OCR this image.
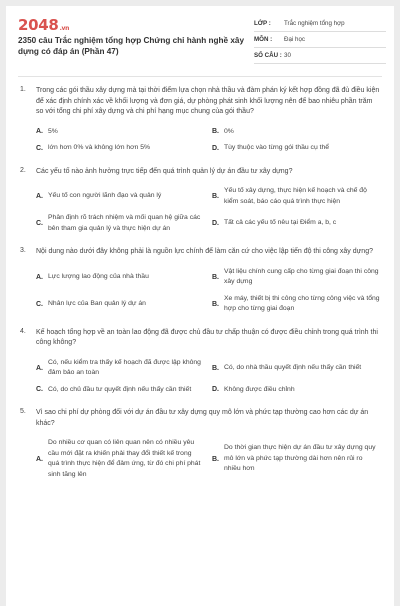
2048.vn
2350 câu Trắc nghiệm tổng hợp Chứng chỉ hành nghề xây dựng có đáp án (Phần 47)
LỚP :	Trắc nghiệm tổng hợp
MÔN :	Đại học
SỐ CÂU : 30
1. Trong các gói thầu xây dựng mà tại thời điểm lựa chọn nhà thầu và đàm phán ký kết hợp đồng đã đủ điều kiện để xác định chính xác về khối lượng và đơn giá, dự phòng phát sinh khối lượng nên để bao nhiêu phần trăm so với tổng chi phí xây dựng và chi phí hạng mục chung của gói thầu?
A. 5%	B. 0%
C. lớn hơn 0% và không lớn hơn 5%	D. Tùy thuộc vào từng gói thầu cụ thể
2. Các yếu tố nào ảnh hưởng trực tiếp đến quá trình quản lý dự án đầu tư xây dựng?
A. Yếu tố con người lãnh đạo và quản lý	B.
Yếu tố xây dựng, thực hiện kế hoạch và chế độ kiểm soát, báo cáo quá trình thực hiện
C.
Phân định rõ trách nhiệm và mối quan hệ giữa các bên tham gia quản lý và thực hiện dự án
D. Tất cả các yếu tố nêu tại Điểm a, b, c
3. Nội dung nào dưới đây không phải là nguồn lực chính để làm căn cứ cho việc lập tiến độ thi công xây dựng?
A. Lực lượng lao động của nhà thầu	B.
Vật liệu chính cung cấp cho từng giai đoạn thi công xây dựng
C. Nhân lực của Ban quản lý dự án	B.
Xe máy, thiết bị thi công cho từng công việc và tổng hợp cho từng giai đoạn
4. Kế hoạch tổng hợp về an toàn lao động đã được chủ đầu tư chấp thuận có được điều chỉnh trong quá trình thi công không?
A.
Có, nếu kiểm tra thấy kế hoạch đã được lập không đảm bảo an toàn
B. Có, do nhà thầu quyết định nếu thấy cần thiết
C. Có, do chủ đầu tư quyết định nếu thấy cần thiết	D. Không được điều chỉnh
5. Vì sao chi phí dự phòng đối với dự án đầu tư xây dựng quy mô lớn và phức tạp thường cao hơn các dự án khác?
A.
Do nhiều cơ quan có liên quan nên có nhiều yêu cầu mới đặt ra khiến phải thay đổi thiết kế trong quá trình thực hiện để đảm ứng, từ đó chi phí phát sinh tăng lên
B.
Do thời gian thực hiện dự án đầu tư xây dựng quy mô lớn và phức tạp thường dài hơn nên rủi ro nhiều hơn
